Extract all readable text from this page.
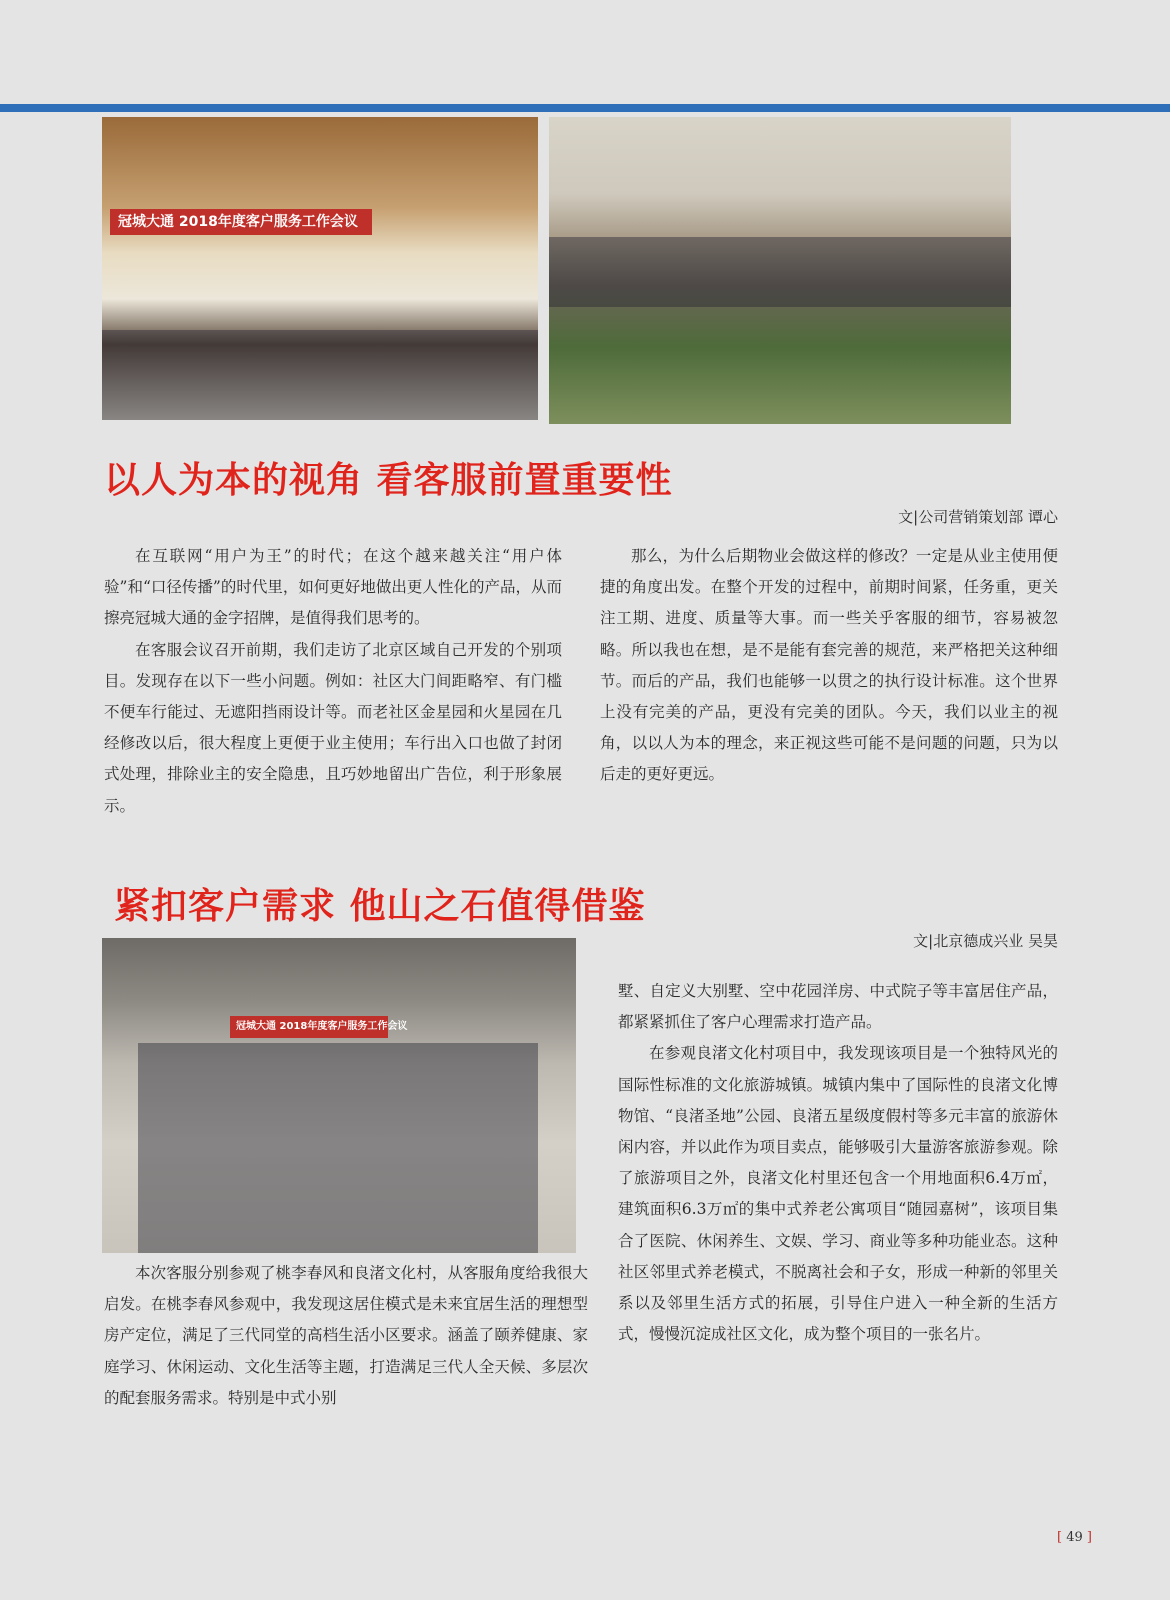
冠城大通 2018年度客户服务工作会议
以人为本的视角 看客服前置重要性
文|公司营销策划部 谭心

在互联网“用户为王”的时代；在这个越来越关注“用户体验”和“口径传播”的时代里，如何更好地做出更人性化的产品，从而擦亮冠城大通的金字招牌，是值得我们思考的。

在客服会议召开前期，我们走访了北京区域自己开发的个别项目。发现存在以下一些小问题。例如：社区大门间距略窄、有门槛不便车行能过、无遮阳挡雨设计等。而老社区金星园和火星园在几经修改以后，很大程度上更便于业主使用；车行出入口也做了封闭式处理，排除业主的安全隐患，且巧妙地留出广告位，利于形象展示。

那么，为什么后期物业会做这样的修改？一定是从业主使用便捷的角度出发。在整个开发的过程中，前期时间紧，任务重，更关注工期、进度、质量等大事。而一些关乎客服的细节，容易被忽略。所以我也在想，是不是能有套完善的规范，来严格把关这种细节。而后的产品，我们也能够一以贯之的执行设计标准。这个世界上没有完美的产品，更没有完美的团队。今天，我们以业主的视角，以以人为本的理念，来正视这些可能不是问题的问题，只为以后走的更好更远。

紧扣客户需求 他山之石值得借鉴
文|北京德成兴业 吴昊
冠城大通 2018年度客户服务工作会议

墅、自定义大别墅、空中花园洋房、中式院子等丰富居住产品，都紧紧抓住了客户心理需求打造产品。

在参观良渚文化村项目中，我发现该项目是一个独特风光的国际性标准的文化旅游城镇。城镇内集中了国际性的良渚文化博物馆、“良渚圣地”公园、良渚五星级度假村等多元丰富的旅游休闲内容，并以此作为项目卖点，能够吸引大量游客旅游参观。除了旅游项目之外，良渚文化村里还包含一个用地面积6.4万㎡，建筑面积6.3万㎡的集中式养老公寓项目“随园嘉树”，该项目集合了医院、休闲养生、文娱、学习、商业等多种功能业态。这种社区邻里式养老模式，不脱离社会和子女，形成一种新的邻里关系以及邻里生活方式的拓展，引导住户进入一种全新的生活方式，慢慢沉淀成社区文化，成为整个项目的一张名片。

本次客服分别参观了桃李春风和良渚文化村，从客服角度给我很大启发。在桃李春风参观中，我发现这居住模式是未来宜居生活的理想型房产定位，满足了三代同堂的高档生活小区要求。涵盖了颐养健康、家庭学习、休闲运动、文化生活等主题，打造满足三代人全天候、多层次的配套服务需求。特别是中式小别

[ 49 ]
